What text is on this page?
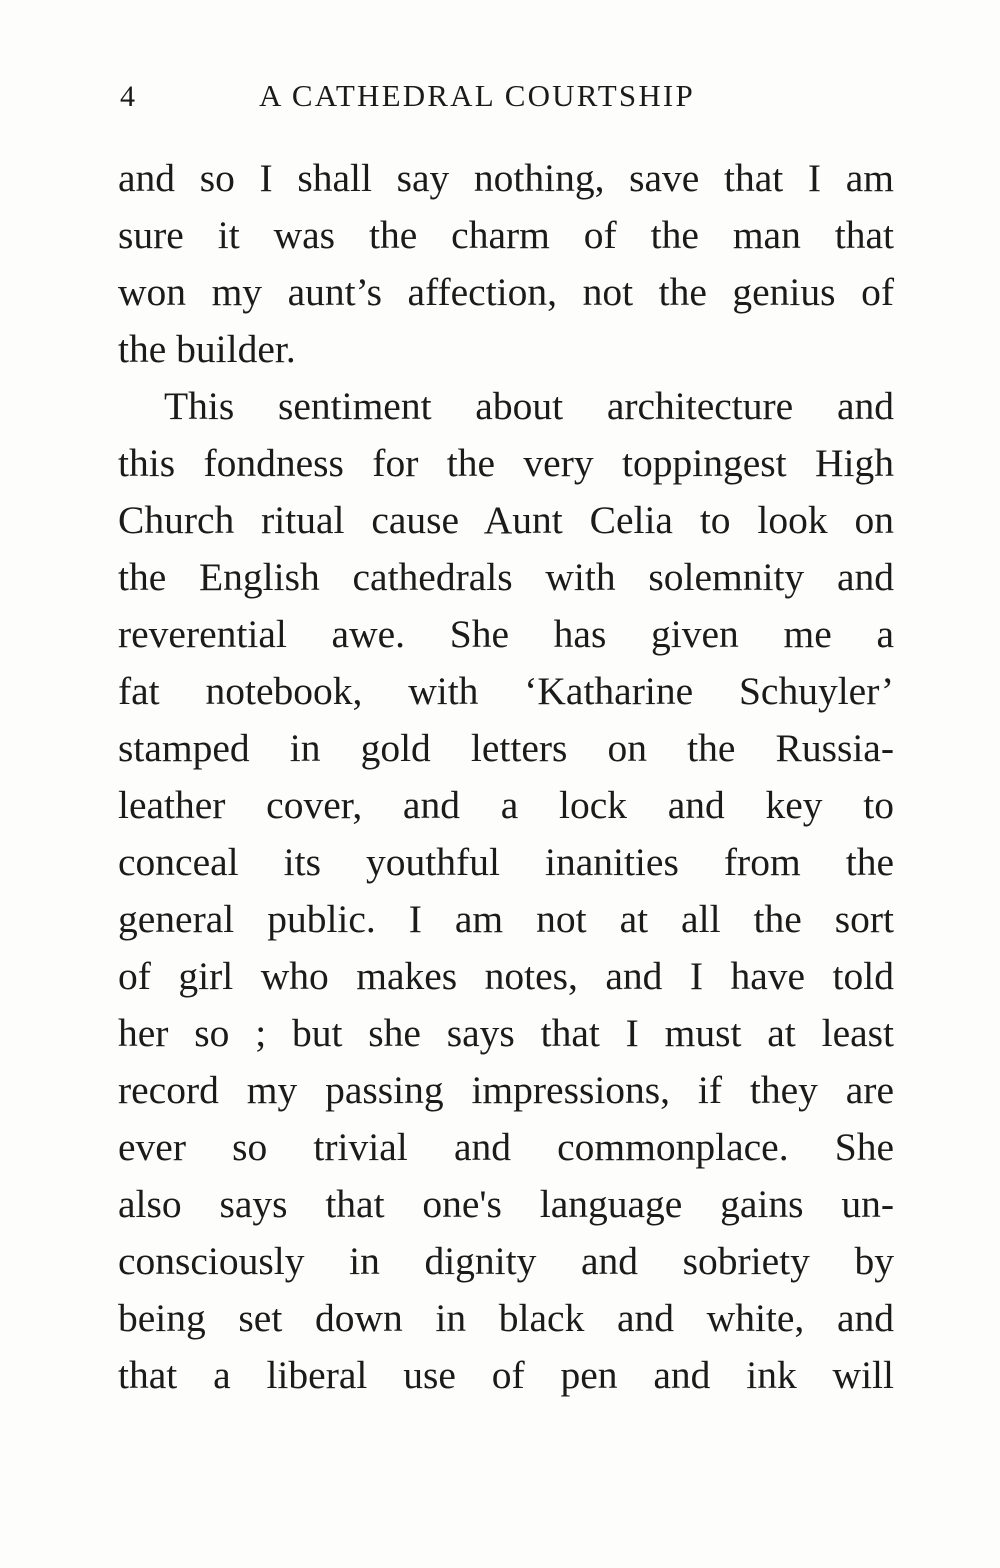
4	A CATHEDRAL COURTSHIP
and so I shall say nothing, save that I am
sure it was the charm of the man that
won my aunt’s affection, not the genius of
the builder.
This sentiment about architecture and
this fondness for the very toppingest High
Church ritual cause Aunt Celia to look on
the English cathedrals with solemnity and
reverential awe. She has given me a
fat notebook, with ‘Katharine Schuyler’
stamped in gold letters on the Russia-
leather cover, and a lock and key to
conceal its youthful inanities from the
general public. I am not at all the sort
of girl who makes notes, and I have told
her so ; but she says that I must at least
record my passing impressions, if they are
ever so trivial and commonplace. She
also says that one's language gains un-
consciously in dignity and sobriety by
being set down in black and white, and
that a liberal use of pen and ink will
